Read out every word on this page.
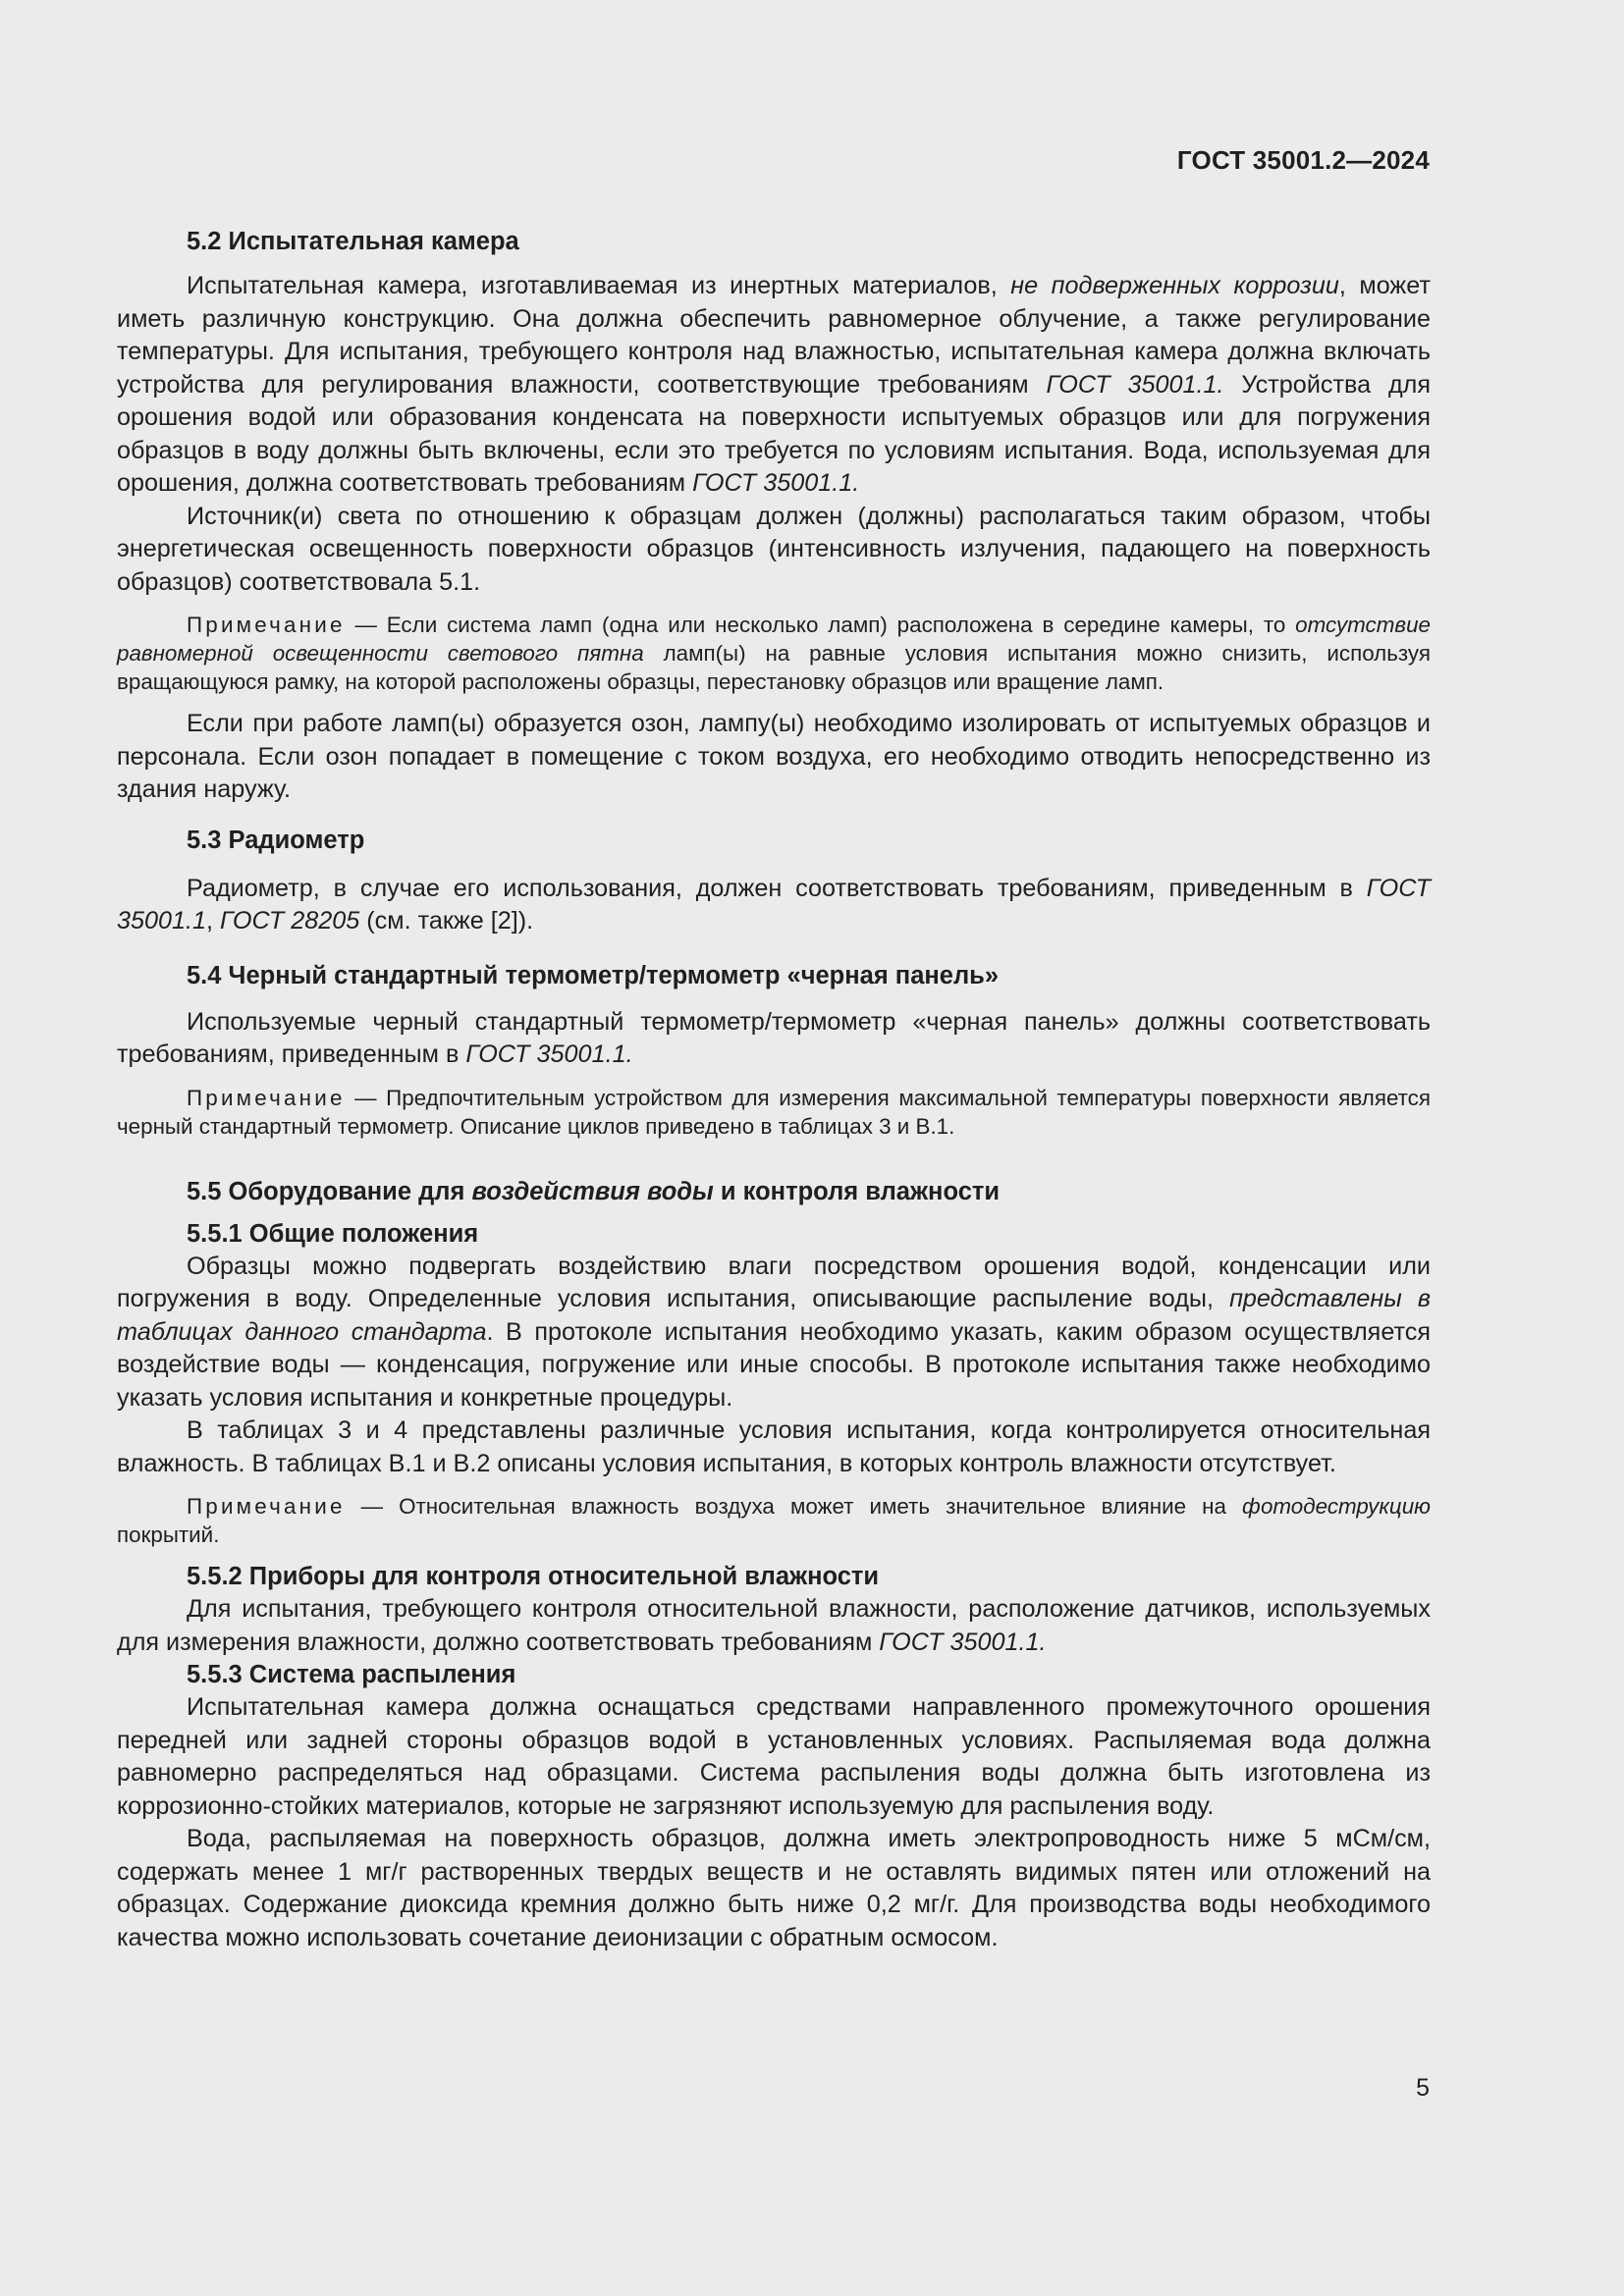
ГОСТ 35001.2—2024
5.2 Испытательная камера

Испытательная камера, изготавливаемая из инертных материалов, не подверженных коррозии, может иметь различную конструкцию. Она должна обеспечить равномерное облучение, а также регулирование температуры. Для испытания, требующего контроля над влажностью, испытательная камера должна включать устройства для регулирования влажности, соответствующие требованиям ГОСТ 35001.1. Устройства для орошения водой или образования конденсата на поверхности испытуемых образцов или для погружения образцов в воду должны быть включены, если это требуется по условиям испытания. Вода, используемая для орошения, должна соответствовать требованиям ГОСТ 35001.1.

Источник(и) света по отношению к образцам должен (должны) располагаться таким образом, чтобы энергетическая освещенность поверхности образцов (интенсивность излучения, падающего на поверхность образцов) соответствовала 5.1.

Примечание — Если система ламп (одна или несколько ламп) расположена в середине камеры, то отсутствие равномерной освещенности светового пятна ламп(ы) на равные условия испытания можно снизить, используя вращающуюся рамку, на которой расположены образцы, перестановку образцов или вращение ламп.

Если при работе ламп(ы) образуется озон, лампу(ы) необходимо изолировать от испытуемых образцов и персонала. Если озон попадает в помещение с током воздуха, его необходимо отводить непосредственно из здания наружу.

5.3 Радиометр

Радиометр, в случае его использования, должен соответствовать требованиям, приведенным в ГОСТ 35001.1, ГОСТ 28205 (см. также [2]).

5.4 Черный стандартный термометр/термометр «черная панель»

Используемые черный стандартный термометр/термометр «черная панель» должны соответствовать требованиям, приведенным в ГОСТ 35001.1.

Примечание — Предпочтительным устройством для измерения максимальной температуры поверхности является черный стандартный термометр. Описание циклов приведено в таблицах 3 и В.1.

5.5 Оборудование для воздействия воды и контроля влажности
5.5.1 Общие положения

Образцы можно подвергать воздействию влаги посредством орошения водой, конденсации или погружения в воду. Определенные условия испытания, описывающие распыление воды, представлены в таблицах данного стандарта. В протоколе испытания необходимо указать, каким образом осуществляется воздействие воды — конденсация, погружение или иные способы. В протоколе испытания также необходимо указать условия испытания и конкретные процедуры.

В таблицах 3 и 4 представлены различные условия испытания, когда контролируется относительная влажность. В таблицах В.1 и В.2 описаны условия испытания, в которых контроль влажности отсутствует.

Примечание — Относительная влажность воздуха может иметь значительное влияние на фотодеструкцию покрытий.

5.5.2 Приборы для контроля относительной влажности

Для испытания, требующего контроля относительной влажности, расположение датчиков, используемых для измерения влажности, должно соответствовать требованиям ГОСТ 35001.1.

5.5.3 Система распыления

Испытательная камера должна оснащаться средствами направленного промежуточного орошения передней или задней стороны образцов водой в установленных условиях. Распыляемая вода должна равномерно распределяться над образцами. Система распыления воды должна быть изготовлена из коррозионно-стойких материалов, которые не загрязняют используемую для распыления воду.

Вода, распыляемая на поверхность образцов, должна иметь электропроводность ниже 5 мСм/см, содержать менее 1 мг/г растворенных твердых веществ и не оставлять видимых пятен или отложений на образцах. Содержание диоксида кремния должно быть ниже 0,2 мг/г. Для производства воды необходимого качества можно использовать сочетание деионизации с обратным осмосом.

5
